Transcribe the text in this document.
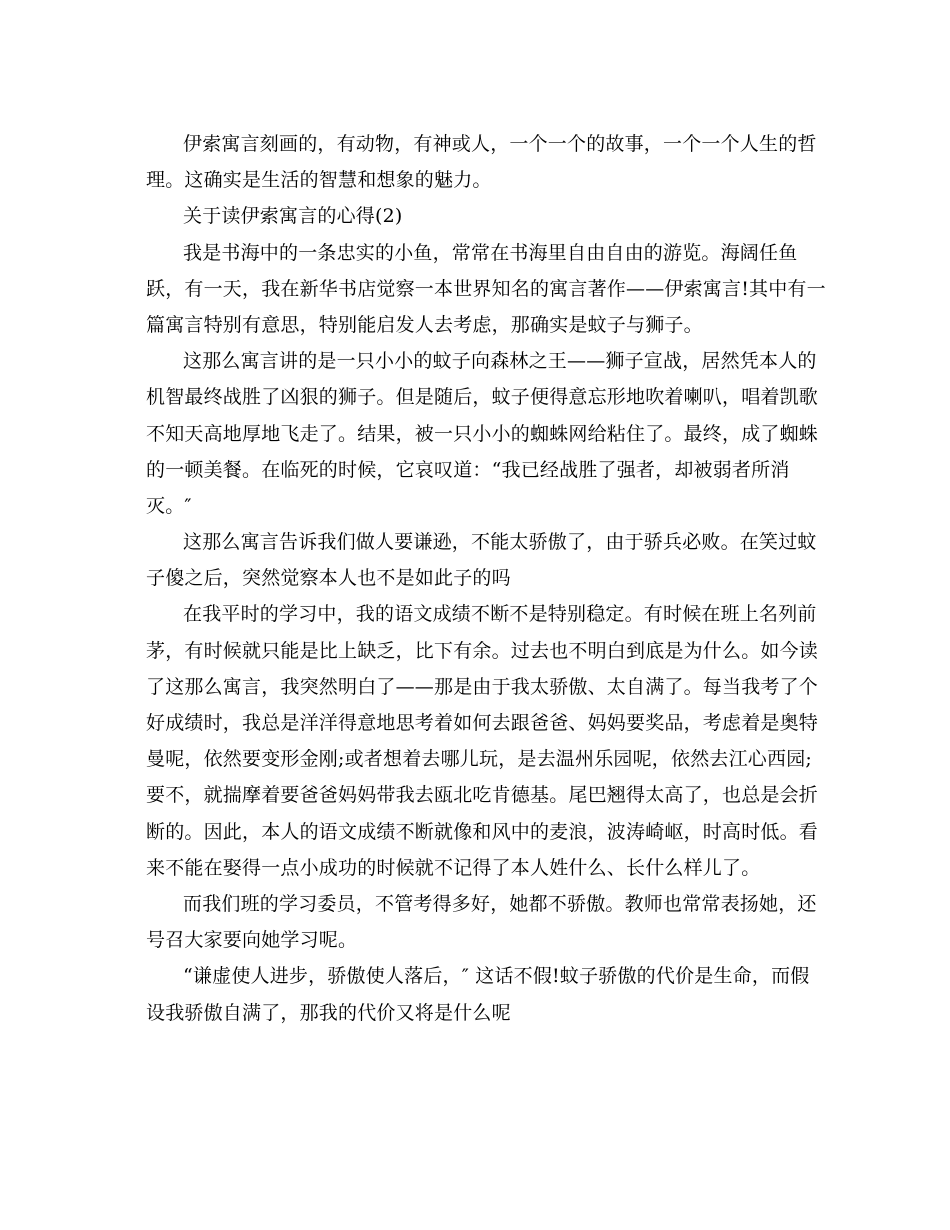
伊索寓言刻画的，有动物，有神或人，一个一个的故事，一个一个人生的哲
理。这确实是生活的智慧和想象的魅力。
关于读伊索寓言的心得(2)
我是书海中的一条忠实的小鱼，常常在书海里自由自由的游览。海阔任鱼
跃，有一天，我在新华书店觉察一本世界知名的寓言著作——伊索寓言!其中有一
篇寓言特别有意思，特别能启发人去考虑，那确实是蚊子与狮子。
这那么寓言讲的是一只小小的蚊子向森林之王——狮子宣战，居然凭本人的
机智最终战胜了凶狠的狮子。但是随后，蚊子便得意忘形地吹着喇叭，唱着凯歌
不知天高地厚地飞走了。结果，被一只小小的蜘蛛网给粘住了。最终，成了蜘蛛
的一顿美餐。在临死的时候，它哀叹道：“我已经战胜了强者，却被弱者所消
灭。″
这那么寓言告诉我们做人要谦逊，不能太骄傲了，由于骄兵必败。在笑过蚊
子傻之后，突然觉察本人也不是如此子的吗
在我平时的学习中，我的语文成绩不断不是特别稳定。有时候在班上名列前
茅，有时候就只能是比上缺乏，比下有余。过去也不明白到底是为什么。如今读
了这那么寓言，我突然明白了——那是由于我太骄傲、太自满了。每当我考了个
好成绩时，我总是洋洋得意地思考着如何去跟爸爸、妈妈要奖品，考虑着是奥特
曼呢，依然要变形金刚;或者想着去哪儿玩，是去温州乐园呢，依然去江心西园;
要不，就揣摩着要爸爸妈妈带我去瓯北吃肯德基。尾巴翘得太高了，也总是会折
断的。因此，本人的语文成绩不断就像和风中的麦浪，波涛崎岖，时高时低。看
来不能在娶得一点小成功的时候就不记得了本人姓什么、长什么样儿了。
而我们班的学习委员，不管考得多好，她都不骄傲。教师也常常表扬她，还
号召大家要向她学习呢。
“谦虚使人进步，骄傲使人落后，″ 这话不假!蚊子骄傲的代价是生命，而假
设我骄傲自满了，那我的代价又将是什么呢
